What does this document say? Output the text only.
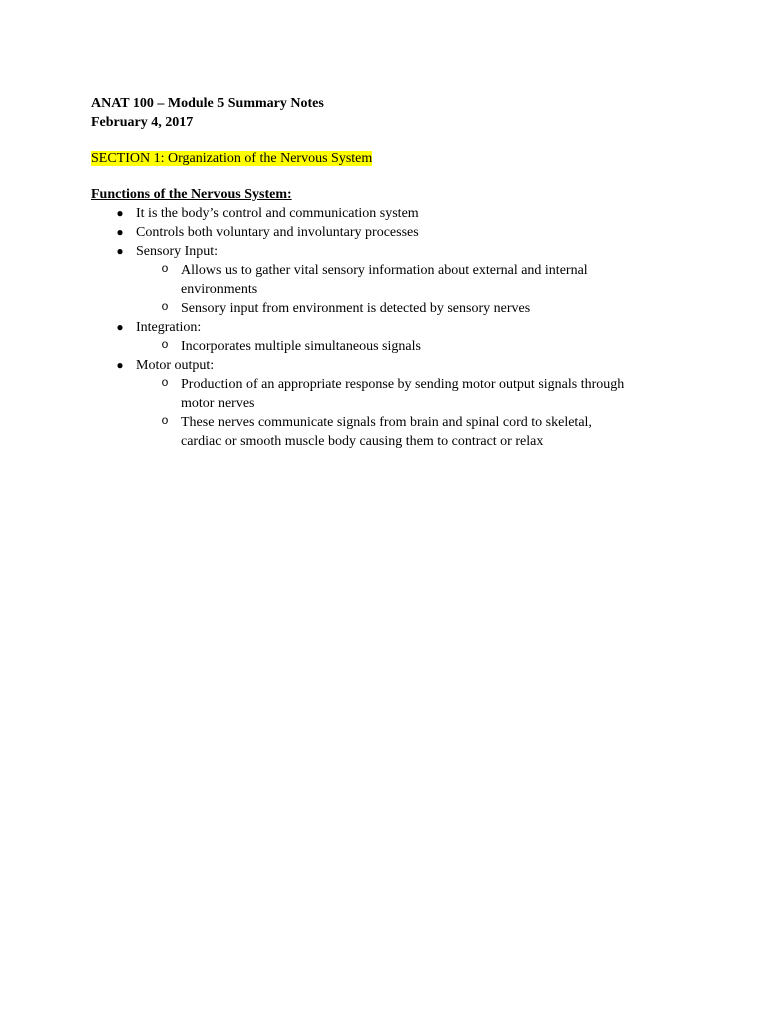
ANAT 100 – Module 5 Summary Notes

February 4, 2017

SECTION 1: Organization of the Nervous System

Functions of the Nervous System:

● It is the body’s control and communication system
● Controls both voluntary and involuntary processes
● Sensory Input:
o Allows us to gather vital sensory information about external and internal environments
o Sensory input from environment is detected by sensory nerves
● Integration:
o Incorporates multiple simultaneous signals
● Motor output:
o Production of an appropriate response by sending motor output signals through motor nerves
o These nerves communicate signals from brain and spinal cord to skeletal, cardiac or smooth muscle body causing them to contract or relax
